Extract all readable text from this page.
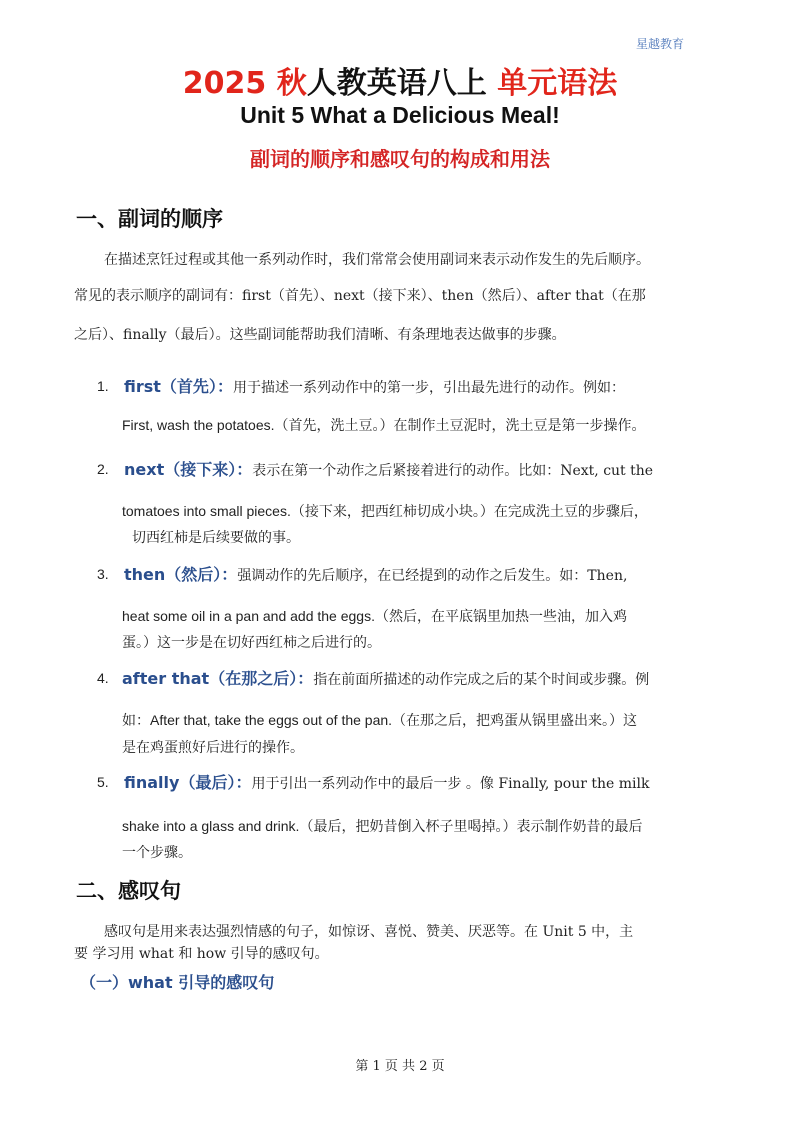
星越教育
2025 秋人教英语八上 单元语法
Unit 5 What a Delicious Meal!
副词的顺序和感叹句的构成和用法
一、副词的顺序
在描述烹饪过程或其他一系列动作时，我们常常会使用副词来表示动作发生的先后顺序。
常见的表示顺序的副词有：first（首先）、next（接下来）、then（然后）、after that（在那
之后）、finally（最后）。这些副词能帮助我们清晰、有条理地表达做事的步骤。
1. first（首先）：用于描述一系列动作中的第一步，引出最先进行的动作。例如：
First, wash the potatoes.（首先，洗土豆。）在制作土豆泥时，洗土豆是第一步操作。
2. next（接下来）：表示在第一个动作之后紧接着进行的动作。比如：Next, cut the
tomatoes into small pieces.（接下来，把西红柿切成小块。）在完成洗土豆的步骤后，
切西红柿是后续要做的事。
3. then（然后）：强调动作的先后顺序，在已经提到的动作之后发生。如：Then,
heat some oil in a pan and add the eggs.（然后，在平底锅里加热一些油，加入鸡
蛋。）这一步是在切好西红柿之后进行的。
4. after that（在那之后）：指在前面所描述的动作完成之后的某个时间或步骤。例
如：After that, take the eggs out of the pan.（在那之后，把鸡蛋从锅里盛出来。）这
是在鸡蛋煎好后进行的操作。
5. finally（最后）：用于引出一系列动作中的最后一步 。像 Finally, pour the milk
shake into a glass and drink.（最后，把奶昔倒入杯子里喝掉。）表示制作奶昔的最后
一个步骤。
二、感叹句
感叹句是用来表达强烈情感的句子，如惊讶、喜悦、赞美、厌恶等。在 Unit 5 中，主
要 学习用 what 和 how 引导的感叹句。
（一）what 引导的感叹句
第 1 页 共 2 页
